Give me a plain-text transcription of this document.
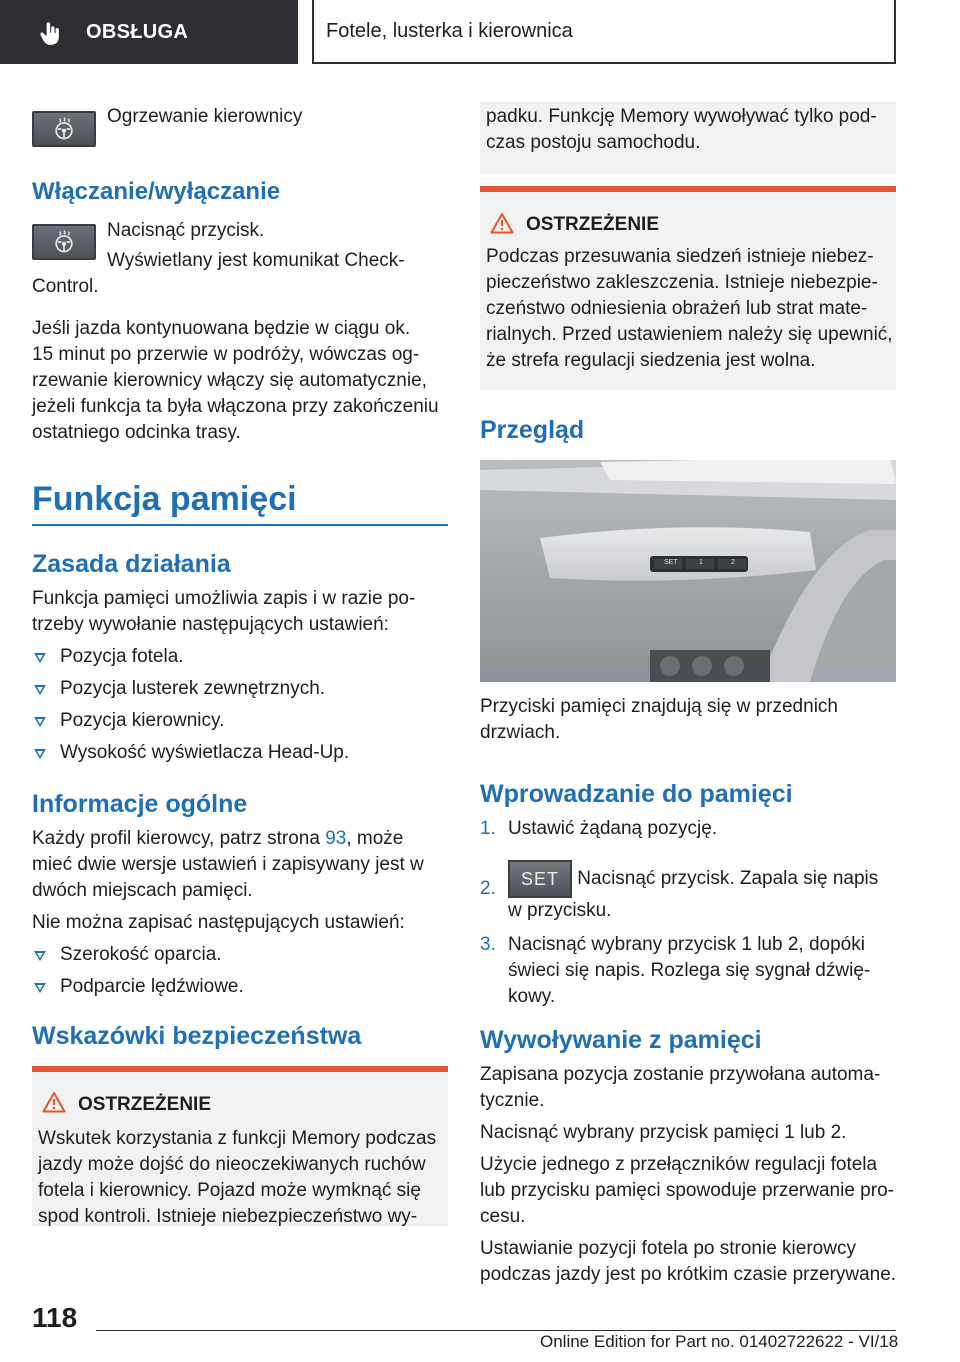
OBSŁUGA	Fotele, lusterka i kierownica

Ogrzewanie kierownicy

Włączanie/wyłączanie

Nacisnąć przycisk.

Wyświetlany jest komunikat Check-

Control.

Jeśli jazda kontynuowana będzie w ciągu ok.

15 minut po przerwie w podróży, wówczas og-

rzewanie kierownicy włączy się automatycznie,

jeżeli funkcja ta była włączona przy zakończeniu

ostatniego odcinka trasy.

Funkcja pamięci
Zasada działania

Funkcja pamięci umożliwia zapis i w razie po-

trzeby wywołanie następujących ustawień:

Pozycja fotela.
Pozycja lusterek zewnętrznych.
Pozycja kierownicy.
Wysokość wyświetlacza Head-Up.
Informacje ogólne

Każdy profil kierowcy, patrz strona 93, może

mieć dwie wersje ustawień i zapisywany jest w

dwóch miejscach pamięci.

Nie można zapisać następujących ustawień:

Szerokość oparcia.
Podparcie lędźwiowe.
Wskazówki bezpieczeństwa
OSTRZEŻENIE

Wskutek korzystania z funkcji Memory podczas

jazdy może dojść do nieoczekiwanych ruchów

fotela i kierownicy. Pojazd może wymknąć się

spod kontroli. Istnieje niebezpieczeństwo wy-

padku. Funkcję Memory wywoływać tylko pod-

czas postoju samochodu.

OSTRZEŻENIE

Podczas przesuwania siedzeń istnieje niebez-

pieczeństwo zakleszczenia. Istnieje niebezpie-

czeństwo odniesienia obrażeń lub strat mate-

rialnych. Przed ustawieniem należy się upewnić,

że strefa regulacji siedzenia jest wolna.

Przegląd
SET	1	2

Przyciski pamięci znajdują się w przednich

drzwiach.

Wprowadzanie do pamięci
1. Ustawić żądaną pozycję.
2. SET Nacisnąć przycisk. Zapala się napis
w przycisku.
3. Nacisnąć wybrany przycisk 1 lub 2, dopóki
świeci się napis. Rozlega się sygnał dźwię-
kowy.
Wywoływanie z pamięci

Zapisana pozycja zostanie przywołana automa-

tycznie.

Nacisnąć wybrany przycisk pamięci 1 lub 2.

Użycie jednego z przełączników regulacji fotela

lub przycisku pamięci spowoduje przerwanie pro-

cesu.

Ustawianie pozycji fotela po stronie kierowcy

podczas jazdy jest po krótkim czasie przerywane.

118
Online Edition for Part no. 01402722622 - VI/18
